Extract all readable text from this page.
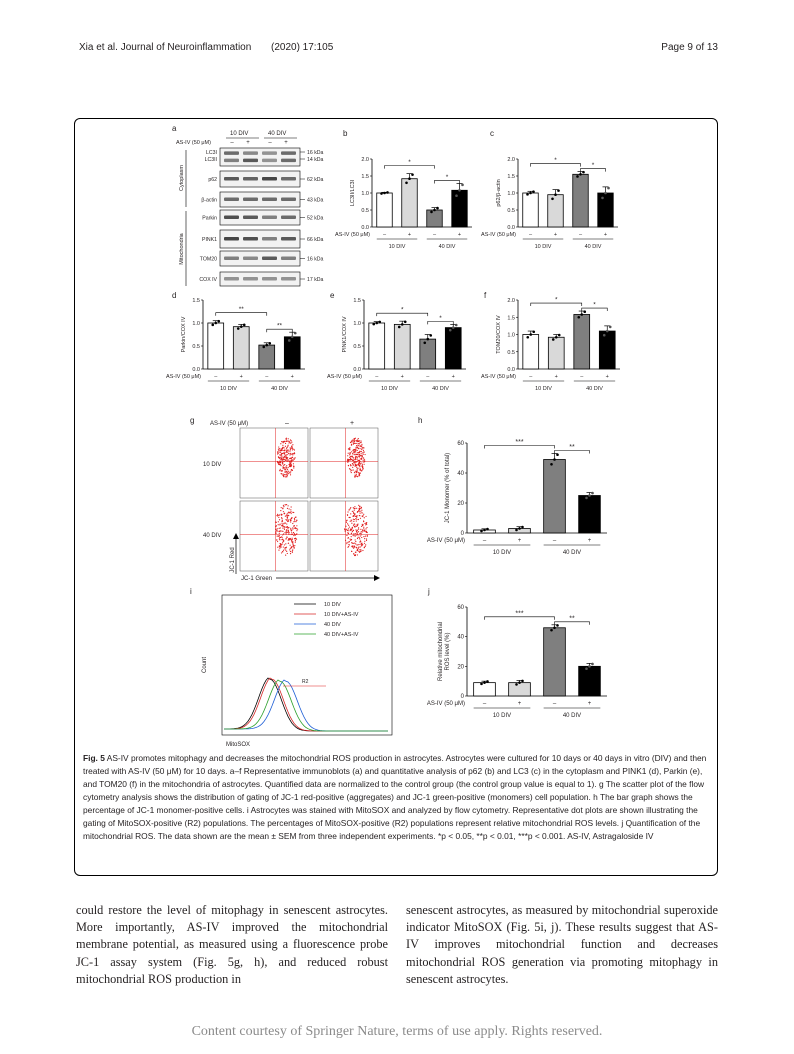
Xia et al. Journal of Neuroinflammation (2020) 17:105	Page 9 of 13
a
b	c
d	e	f
g	h
i	j
10 DIV	40 DIV
AS-IV (50 μM)	– +	– +
LC3I
LC3II
16 kDa
14 kDa
p62	62 kDa
β-actin	43 kDa
Parkin	52 kDa
PINK1	66 kDa
TOM20	16 kDa
COX IV	17 kDa
Cytoplasm
Mitochondria
0.0
0.5
1.0
1.5
2.0
LC3II/LC3I
–	+	–	+
AS-IV (50 μM)
10 DIV	40 DIV
*
*
0.0
0.5
1.0
1.5
2.0
p62/β-actin
–	+	–	+
AS-IV (50 μM)
10 DIV	40 DIV
*
*
0.0
0.5
1.0
1.5
Parkin/COX IV
–	+	–	+
AS-IV (50 μM)
10 DIV	40 DIV
**
**
0.0
0.5
1.0
1.5
PINK1/COX IV
–	+	–	+
AS-IV (50 μM)
10 DIV	40 DIV
*
*
0.0
0.5
1.0
1.5
2.0
TOM20/COX IV
–	+	–	+
AS-IV (50 μM)
10 DIV	40 DIV
*
*
0
20
40
60
JC-1 Monomer (% of total)
–	+	–	+
AS-IV (50 μM)
10 DIV	40 DIV
***
**
0
20
40
60
Relative mitochondrial ROS level (%)
–	+	–	+
AS-IV (50 μM)
10 DIV	40 DIV
***
**
AS-IV (50 μM)	–	+
10 DIV
40 DIV
JC-1 Red
JC-1 Green
Count
MitoSOX
10 DIV
10 DIV+AS-IV
40 DIV
40 DIV+AS-IV
R2
Fig. 5 AS-IV promotes mitophagy and decreases the mitochondrial ROS production in astrocytes. Astrocytes were cultured for 10 days or 40 days in vitro (DIV) and then treated with AS-IV (50 μM) for 10 days. a–f Representative immunoblots (a) and quantitative analysis of p62 (b) and LC3 (c) in the cytoplasm and PINK1 (d), Parkin (e), and TOM20 (f) in the mitochondria of astrocytes. Quantified data are normalized to the control group (the control group value is equal to 1). g The scatter plot of the flow cytometry analysis shows the distribution of gating of JC-1 red-positive (aggregates) and JC-1 green-positive (monomers) cell population. h The bar graph shows the percentage of JC-1 monomer-positive cells. i Astrocytes was stained with MitoSOX and analyzed by flow cytometry. Representative dot plots are shown illustrating the gating of MitoSOX-positive (R2) populations. The percentages of MitoSOX-positive (R2) populations represent relative mitochondrial ROS levels. j Quantification of the mitochondrial ROS. The data shown are the mean ± SEM from three independent experiments. *p < 0.05, **p < 0.01, ***p < 0.001. AS-IV, Astragaloside IV
could restore the level of mitophagy in senescent astrocytes. More importantly, AS-IV improved the mitochondrial membrane potential, as measured using a fluorescence probe JC-1 assay system (Fig. 5g, h), and reduced robust mitochondrial ROS production in
senescent astrocytes, as measured by mitochondrial superoxide indicator MitoSOX (Fig. 5i, j). These results suggest that AS-IV improves mitochondrial function and decreases mitochondrial ROS generation via promoting mitophagy in senescent astrocytes.
Content courtesy of Springer Nature, terms of use apply. Rights reserved.
